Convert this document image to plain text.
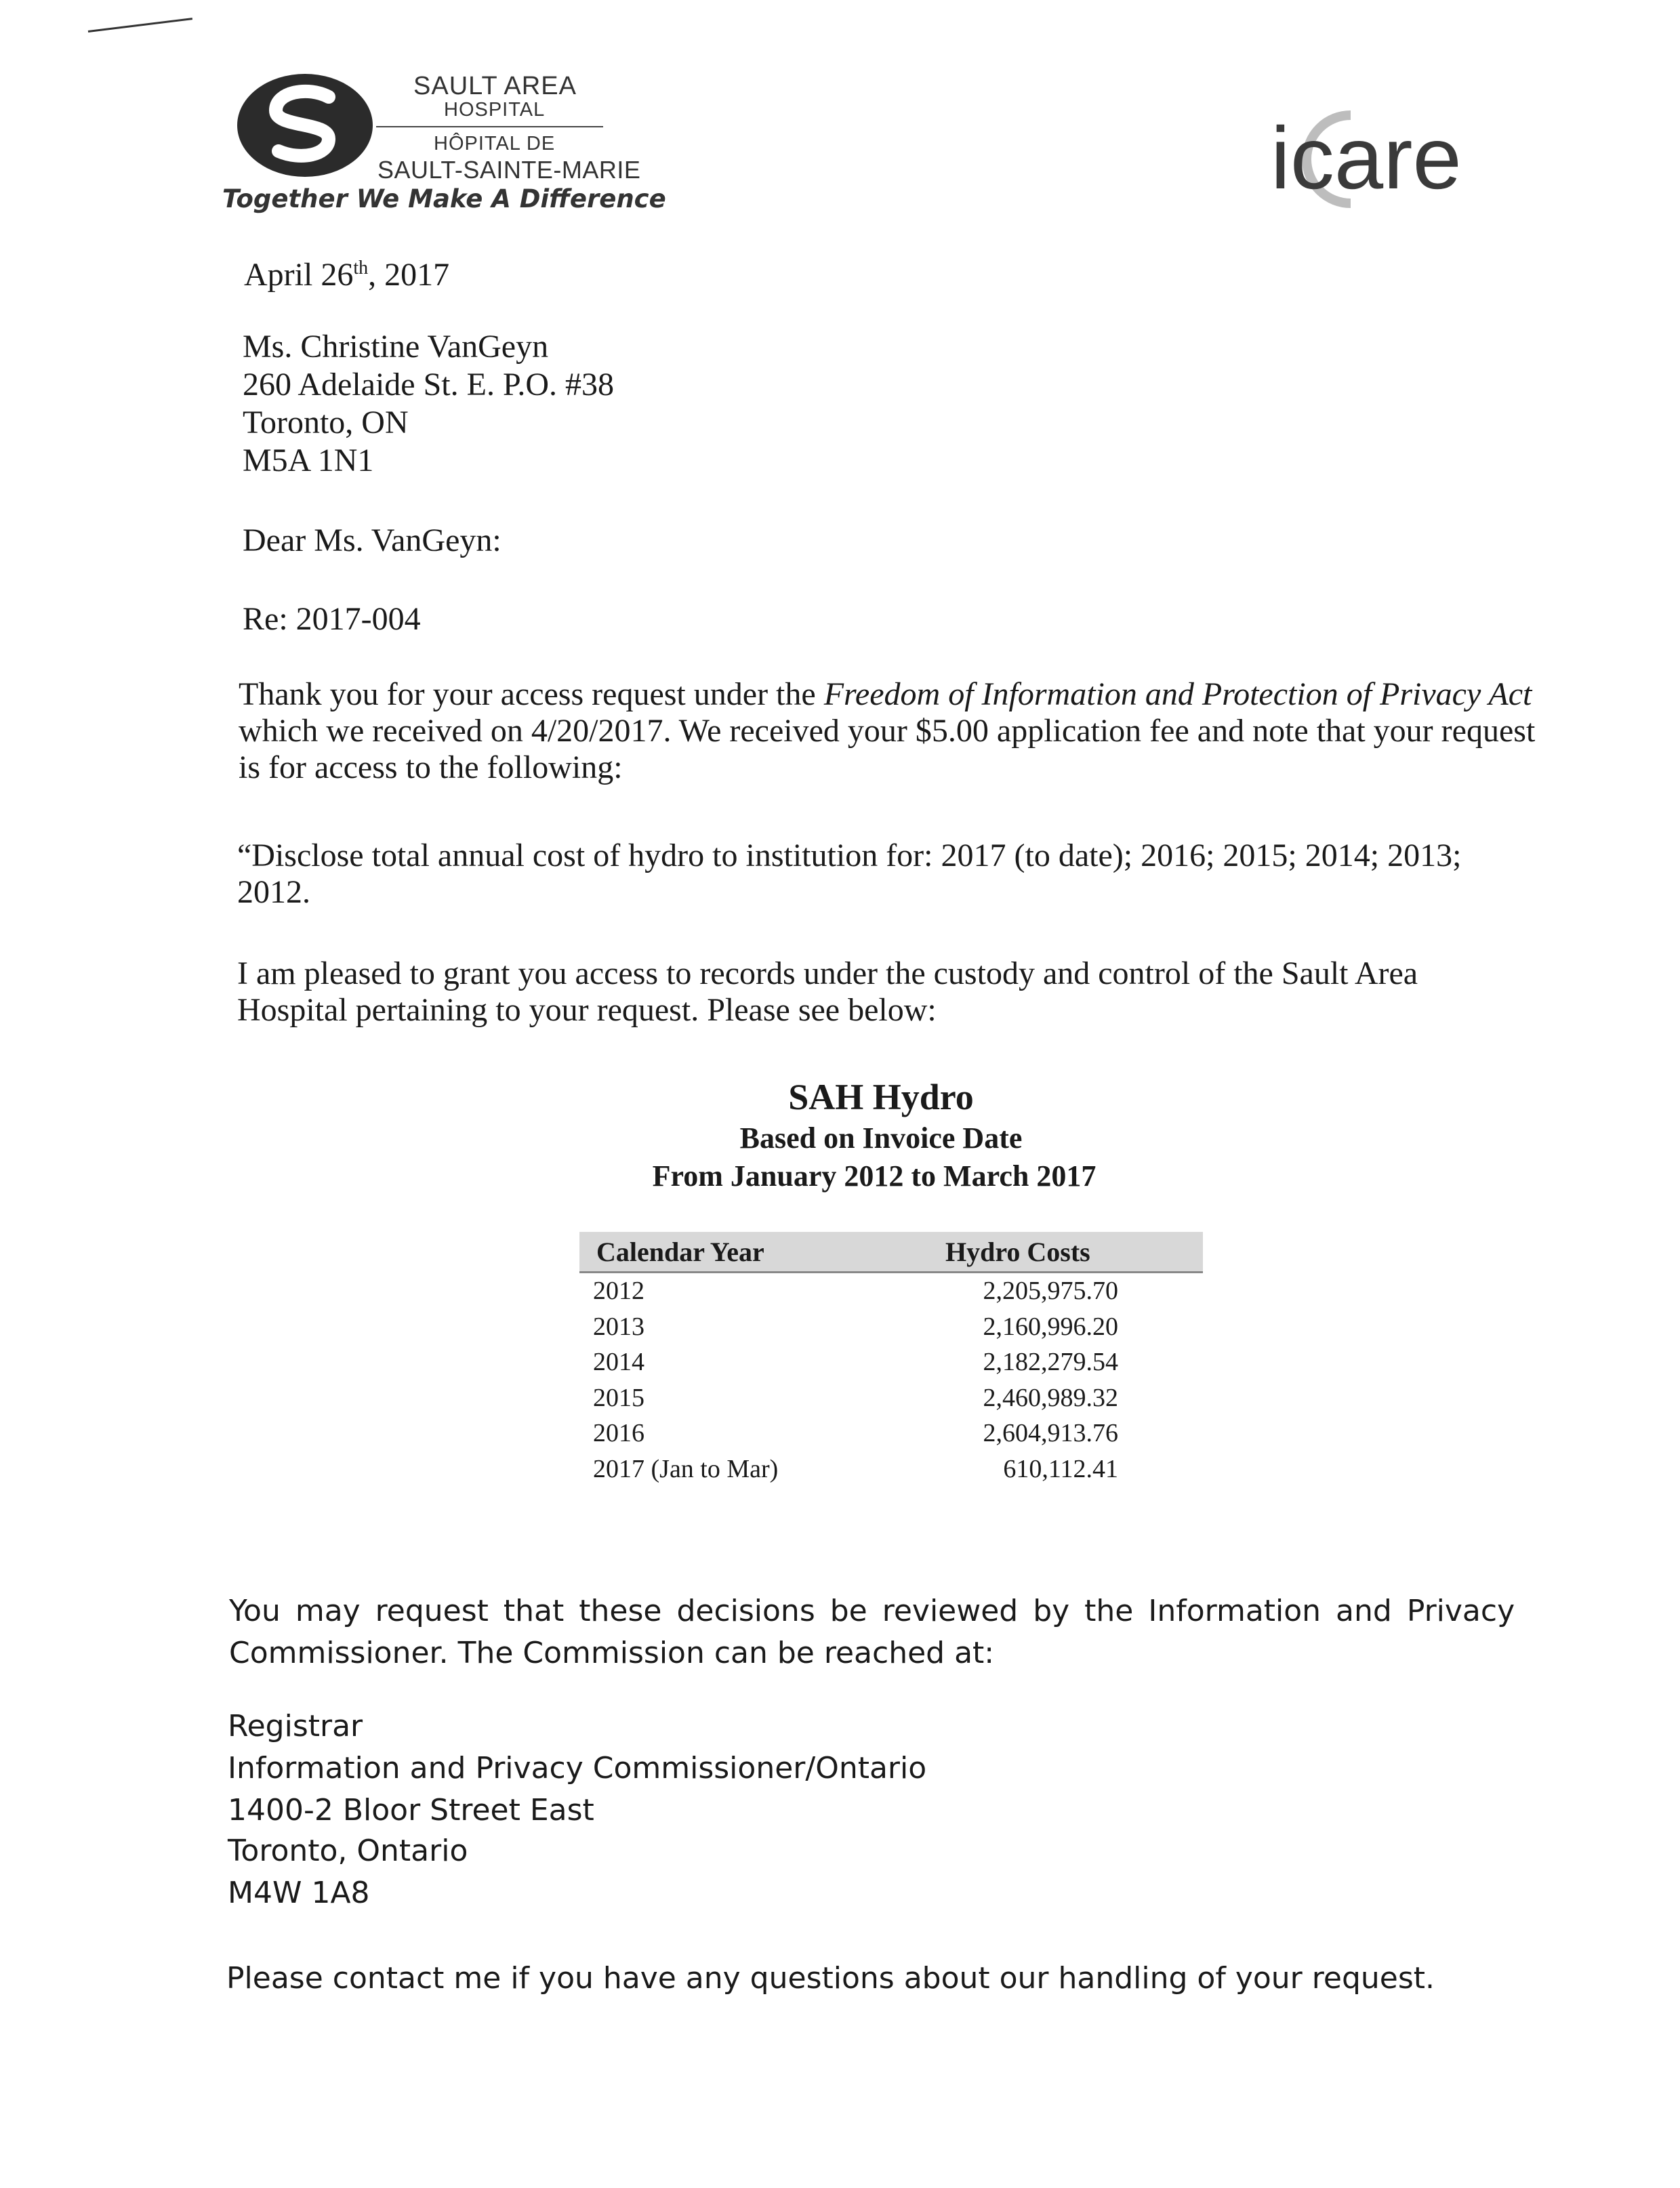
SAULT AREA
HOSPITAL
HÔPITAL DE
SAULT-SAINTE-MARIE
Together We Make A Difference	icare
April 26th, 2017
Ms. Christine VanGeyn
260 Adelaide St. E. P.O. #38
Toronto, ON
M5A 1N1
Dear Ms. VanGeyn:
Re: 2017-004
Thank you for your access request under the Freedom of Information and Protection of Privacy Act which we received on 4/20/2017. We received your $5.00 application fee and note that your request is for access to the following:
“Disclose total annual cost of hydro to institution for: 2017 (to date); 2016; 2015; 2014; 2013; 2012.
I am pleased to grant you access to records under the custody and control of the Sault Area Hospital pertaining to your request. Please see below:
SAH Hydro
Based on Invoice Date
From January 2012 to March 2017
Calendar Year	Hydro Costs
2012	2,205,975.70
2013	2,160,996.20
2014	2,182,279.54
2015	2,460,989.32
2016	2,604,913.76
2017 (Jan to Mar)	610,112.41
You may request that these decisions be reviewed by the Information and Privacy
Commissioner. The Commission can be reached at:
Registrar
Information and Privacy Commissioner/Ontario
1400-2 Bloor Street East
Toronto, Ontario
M4W 1A8
Please contact me if you have any questions about our handling of your request.
